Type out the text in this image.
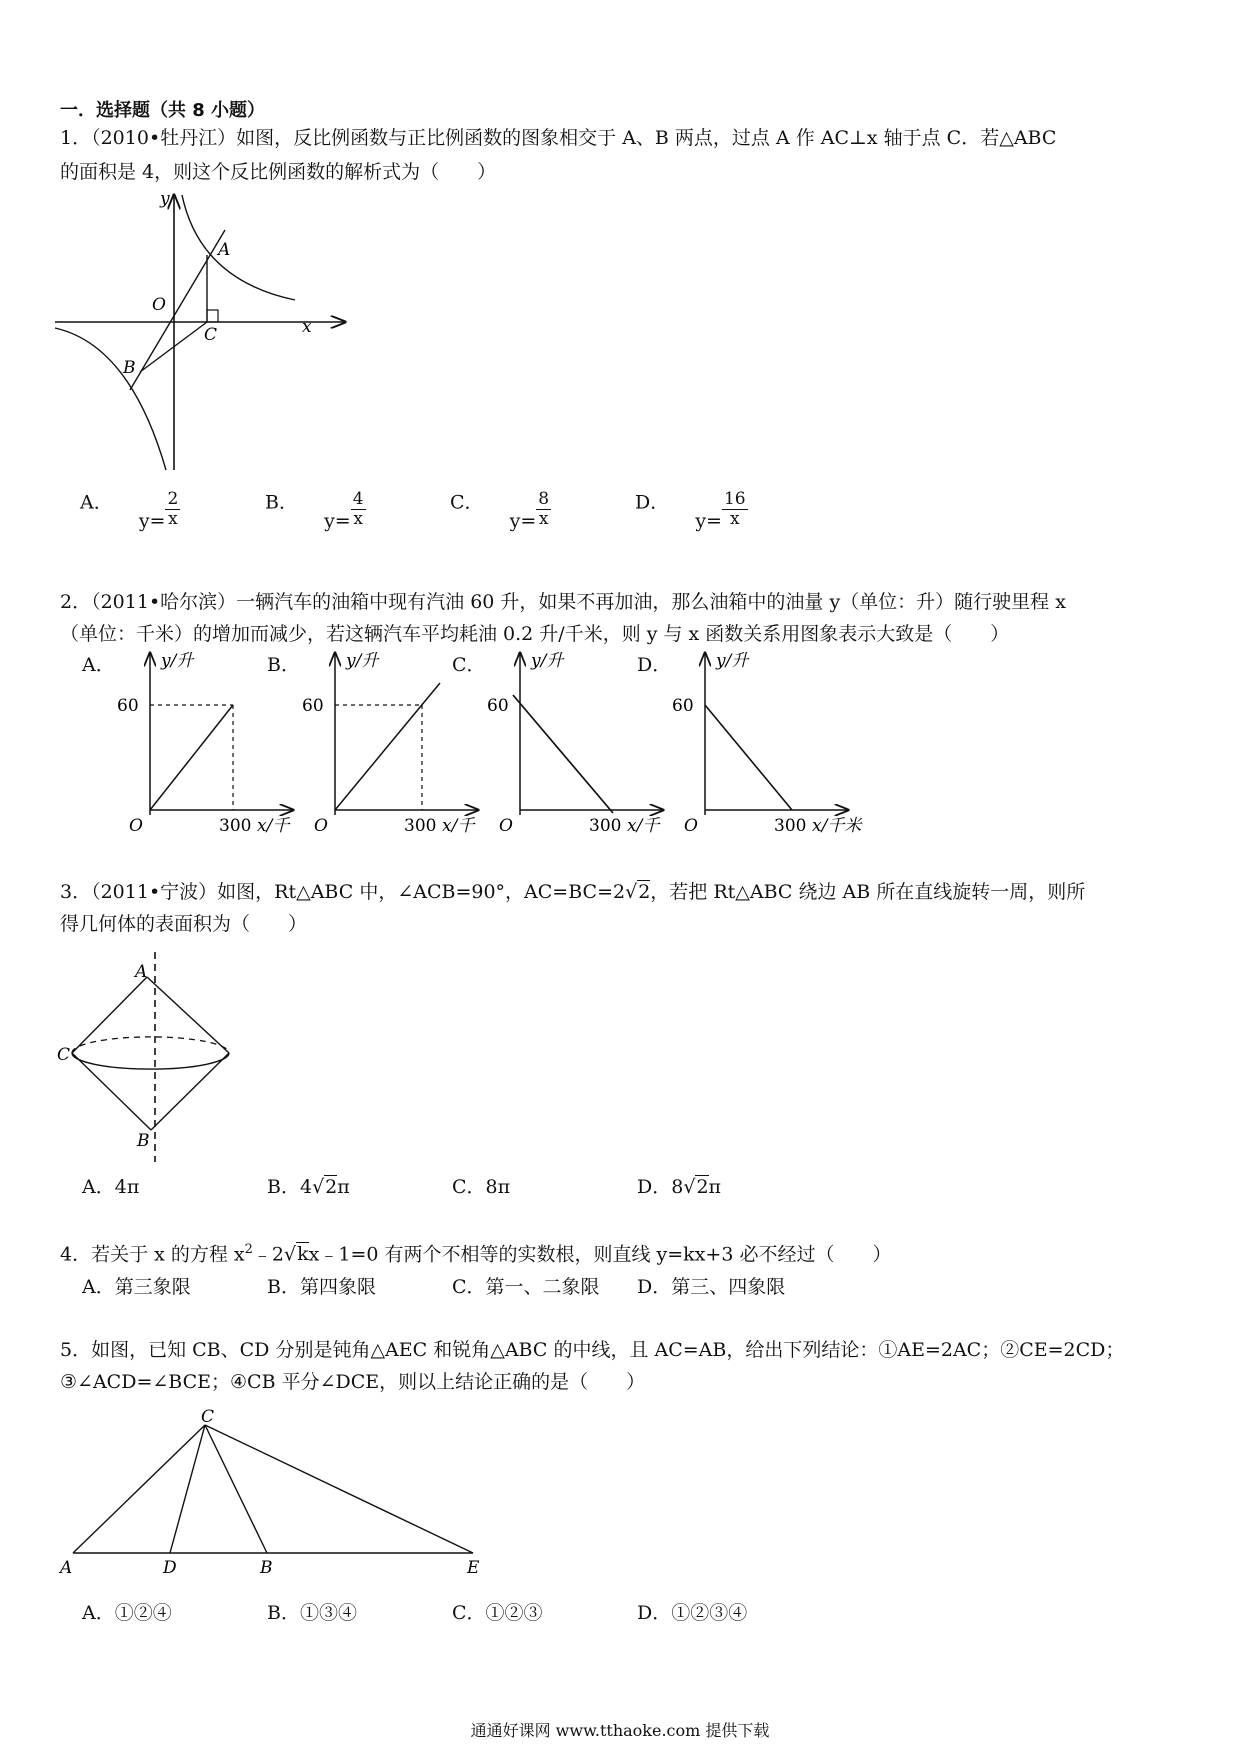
一．选择题（共 8 小题）
1．（2010•牡丹江）如图，反比例函数与正比例函数的图象相交于 A、B 两点，过点 A 作 AC⊥x 轴于点 C．若△ABC
的面积是 4，则这个反比例函数的解析式为（　　）
y
x
O
A
B
C
A．  $y= \frac{2}{x}$	B．  $y= \frac{4}{x}$	C．  $y= \frac{8}{x}$	D．  $y= \frac{16}{x}$
2．（2011•哈尔滨）一辆汽车的油箱中现有汽油 60 升，如果不再加油，那么油箱中的油量 y（单位：升）随行驶里程 x
（单位：千米）的增加而减少，若这辆汽车平均耗油 0.2 升/千米，则 y 与 x 函数关系用图象表示大致是（　　）
A．	B．	C．	D．
y/升
60
O	300 x/千
y/升
60
O	300 x/千
y/升
60
O	300 x/千
y/升
60
O	300 x/千米
3．（2011•宁波）如图，Rt△ABC 中，∠ACB=90°，AC=BC=2√2，若把 Rt△ABC 绕边 AB 所在直线旋转一周，则所
得几何体的表面积为（　　）
A
C
B
A．4π	B．4√2π	C．8π	D．8√2π
4．若关于 x 的方程 $x^2﹣2√kx﹣1=0$ 有两个不相等的实数根，则直线 y=kx+3 必不经过（　　）
A．第三象限	B．第四象限	C．第一、二象限 D．第三、四象限
5．如图，已知 CB、CD 分别是钝角△AEC 和锐角△ABC 的中线，且 AC=AB，给出下列结论：①AE=2AC；②CE=2CD；
③∠ACD=∠BCE；④CB 平分∠DCE，则以上结论正确的是（　　）
C
A	D	B	E
A．①②④	B．①③④	C．①②③	D．①②③④
通通好课网 www.tthaoke.com 提供下载
